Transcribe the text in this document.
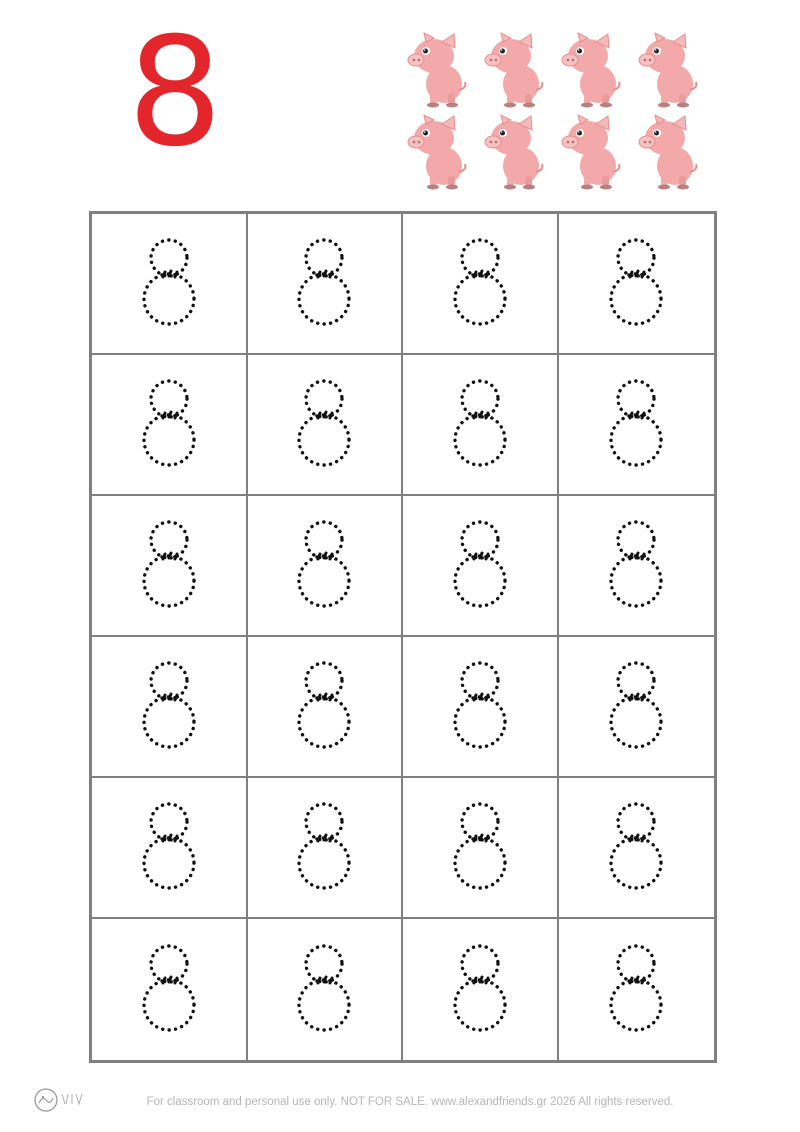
8
For classroom and personal use only. NOT FOR SALE. www.alexandfriends.gr 2026 All rights reserved.
